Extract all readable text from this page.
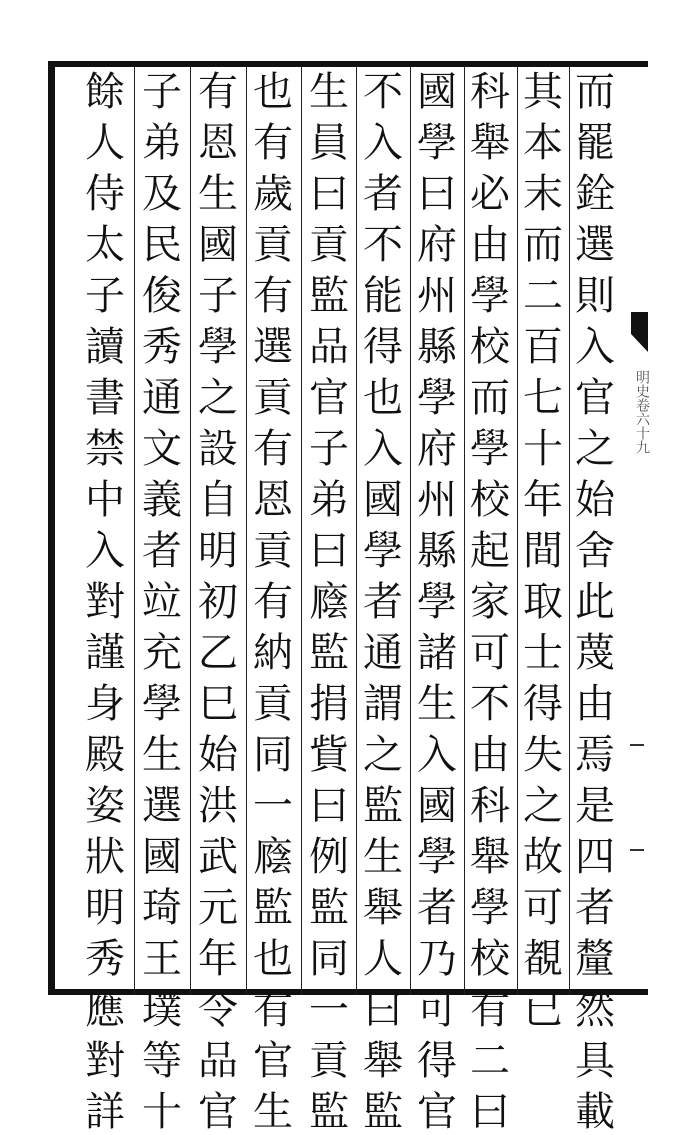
明史卷六十九
而
罷
銓
選
則
入
官
之
始
舍
此
蔑
由
焉
是
四
者
釐
然
具
載
其
本
末
而
二
百
七
十
年
間
取
士
得
失
之
故
可
覩
已
科
舉
必
由
學
校
而
學
校
起
家
可
不
由
科
舉
學
校
有
二
曰
國
學
曰
府
州
縣
學
府
州
縣
學
諸
生
入
國
學
者
乃
可
得
官
不
入
者
不
能
得
也
入
國
學
者
通
謂
之
監
生
舉
人
曰
舉
監
生
員
曰
貢
監
品
官
子
弟
曰
廕
監
捐
貲
曰
例
監
同
一
貢
監
也
有
歲
貢
有
選
貢
有
恩
貢
有
納
貢
同
一
廕
監
也
有
官
生
有
恩
生
國
子
學
之
設
自
明
初
乙
巳
始
洪
武
元
年
令
品
官
子
弟
及
民
俊
秀
通
文
義
者
竝
充
學
生
選
國
琦
王
璞
等
十
餘
人
侍
太
子
讀
書
禁
中
入
對
謹
身
殿
姿
狀
明
秀
應
對
詳
